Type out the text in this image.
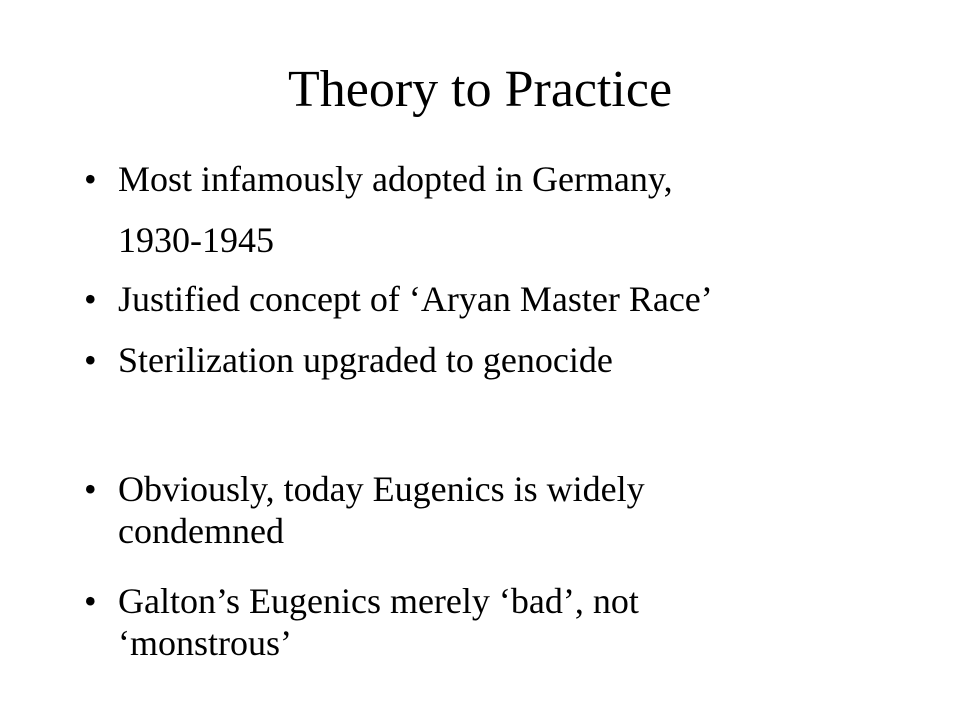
Theory to Practice
• Most infamously adopted in Germany,
• Justified concept of ‘Aryan Master Race’
• Sterilization upgraded to genocide
• Obviously, today Eugenics is widely condemned
• Galton’s Eugenics merely ‘bad’, not ‘monstrous’
1930-1945
